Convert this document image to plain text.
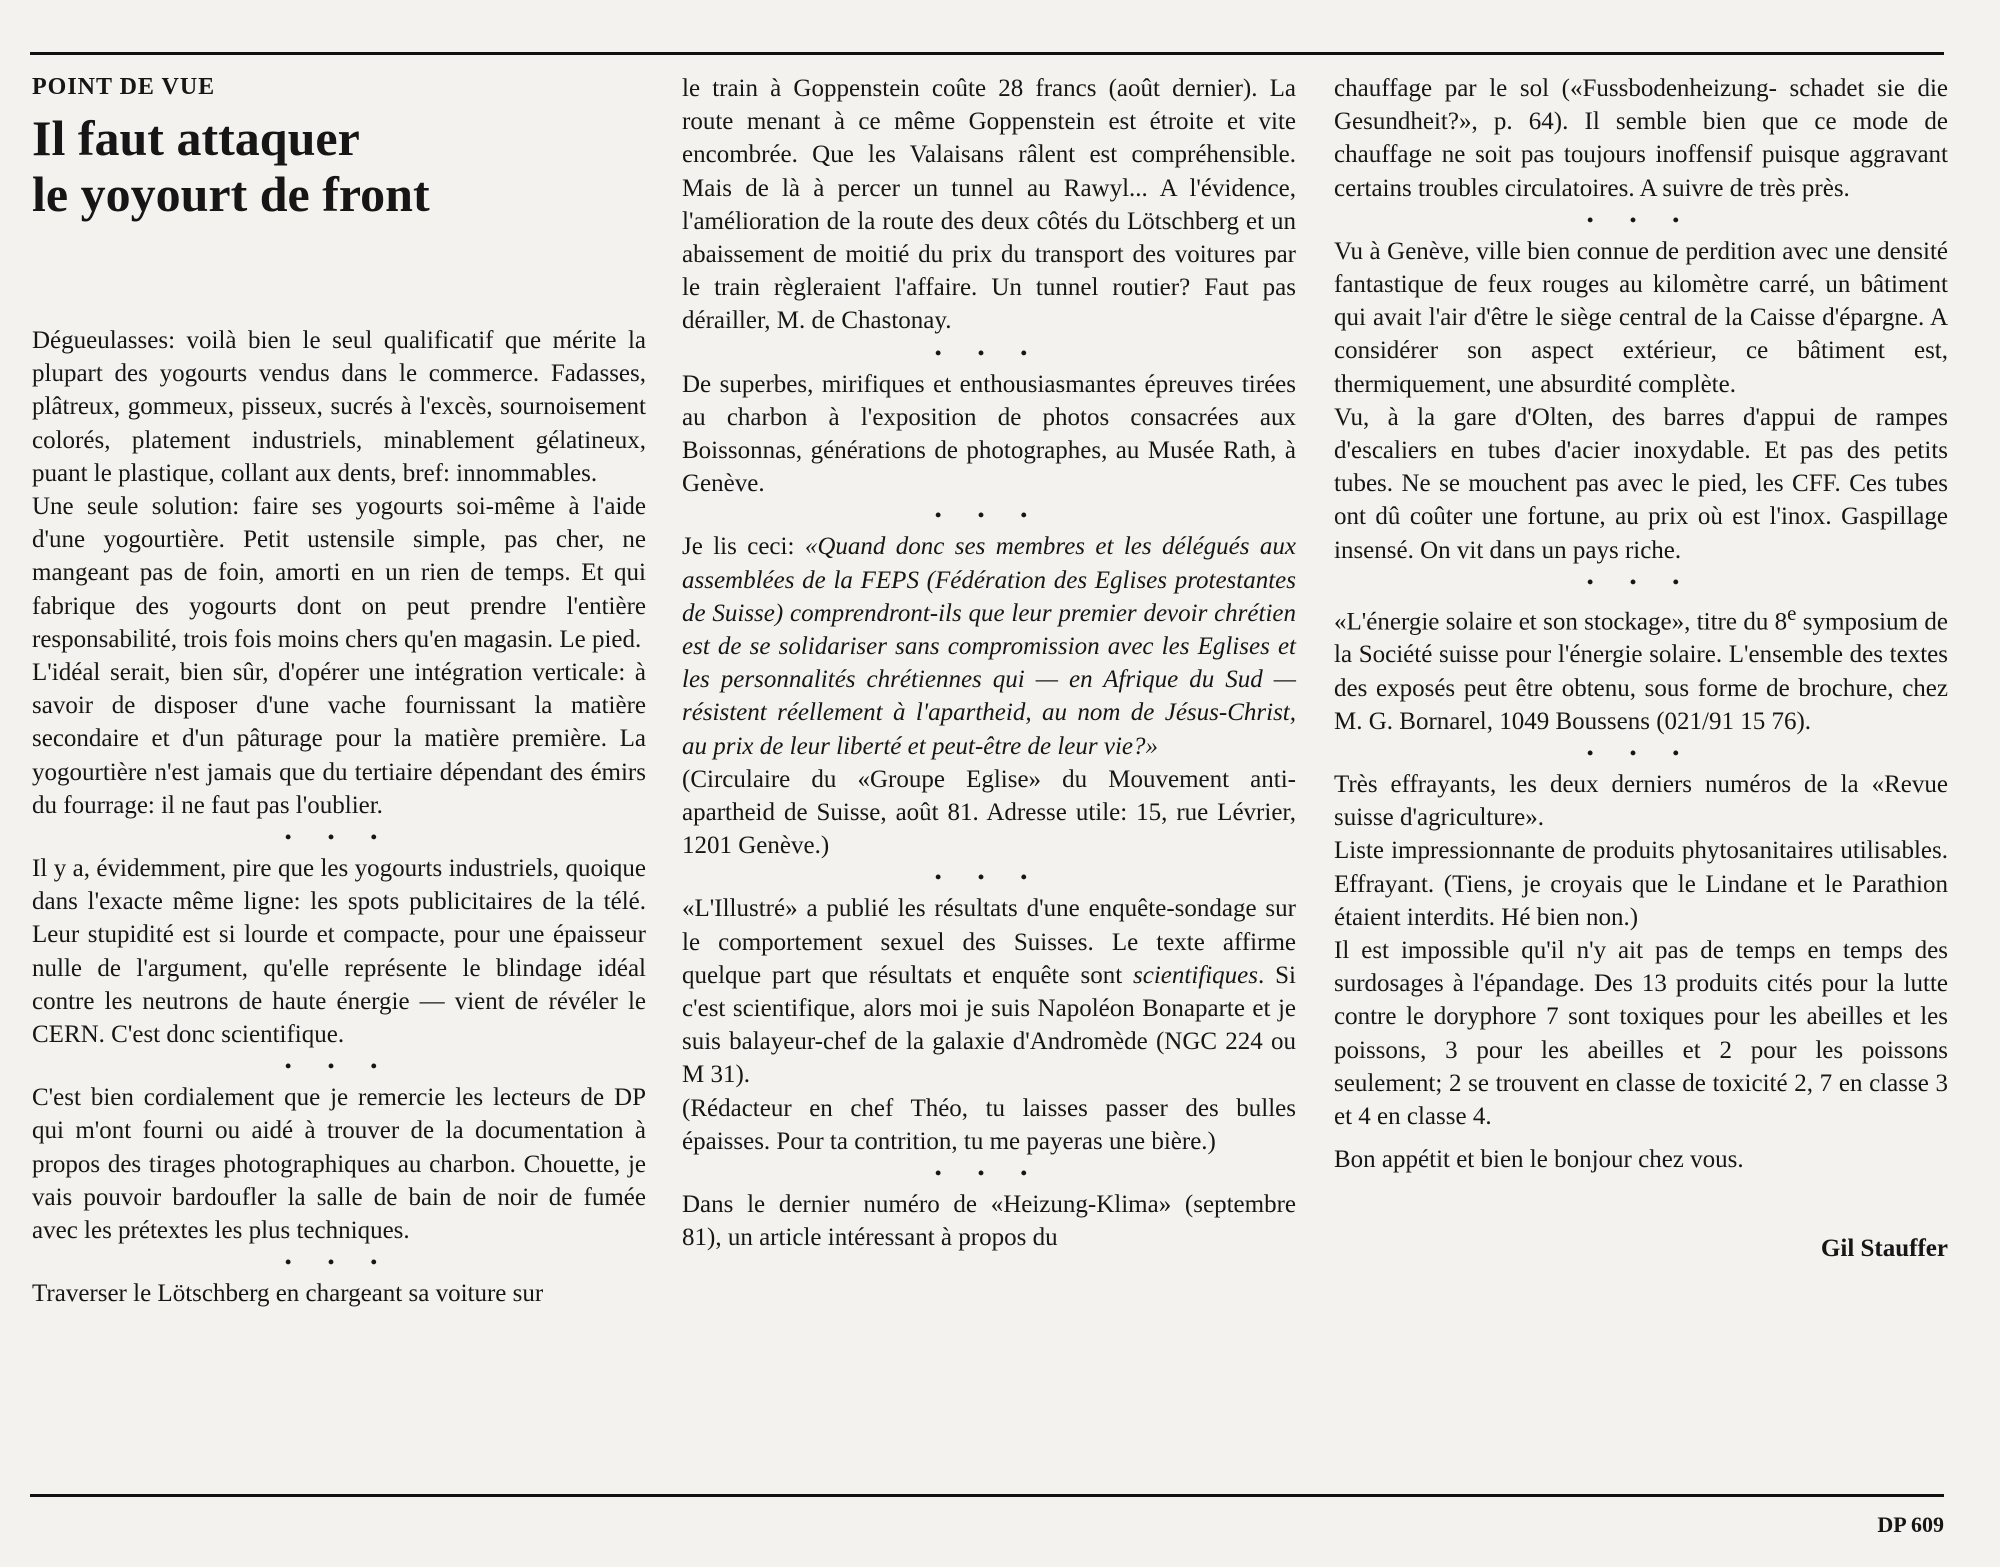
POINT DE VUE

Il faut attaquer
le yoyourt de front

Dégueulasses: voilà bien le seul qualificatif que mérite la plupart des yogourts vendus dans le commerce. Fadasses, plâtreux, gommeux, pisseux, sucrés à l'excès, sournoisement colorés, platement industriels, minablement gélatineux, puant le plastique, collant aux dents, bref: innommables.

Une seule solution: faire ses yogourts soi-même à l'aide d'une yogourtière. Petit ustensile simple, pas cher, ne mangeant pas de foin, amorti en un rien de temps. Et qui fabrique des yogourts dont on peut prendre l'entière responsabilité, trois fois moins chers qu'en magasin. Le pied.

L'idéal serait, bien sûr, d'opérer une intégration verticale: à savoir de disposer d'une vache fournissant la matière secondaire et d'un pâturage pour la matière première. La yogourtière n'est jamais que du tertiaire dépendant des émirs du fourrage: il ne faut pas l'oublier.

• • •

Il y a, évidemment, pire que les yogourts industriels, quoique dans l'exacte même ligne: les spots publicitaires de la télé. Leur stupidité est si lourde et compacte, pour une épaisseur nulle de l'argument, qu'elle représente le blindage idéal contre les neutrons de haute énergie — vient de révéler le CERN. C'est donc scientifique.

• • •

C'est bien cordialement que je remercie les lecteurs de DP qui m'ont fourni ou aidé à trouver de la documentation à propos des tirages photographiques au charbon. Chouette, je vais pouvoir bardoufler la salle de bain de noir de fumée avec les prétextes les plus techniques.

• • •

Traverser le Lötschberg en chargeant sa voiture sur

le train à Goppenstein coûte 28 francs (août dernier). La route menant à ce même Goppenstein est étroite et vite encombrée. Que les Valaisans râlent est compréhensible. Mais de là à percer un tunnel au Rawyl... A l'évidence, l'amélioration de la route des deux côtés du Lötschberg et un abaissement de moitié du prix du transport des voitures par le train règleraient l'affaire. Un tunnel routier? Faut pas dérailler, M. de Chastonay.

• • •

De superbes, mirifiques et enthousiasmantes épreuves tirées au charbon à l'exposition de photos consacrées aux Boissonnas, générations de photographes, au Musée Rath, à Genève.

• • •

Je lis ceci: «Quand donc ses membres et les délégués aux assemblées de la FEPS (Fédération des Eglises protestantes de Suisse) comprendront-ils que leur premier devoir chrétien est de se solidariser sans compromission avec les Eglises et les personnalités chrétiennes qui — en Afrique du Sud — résistent réellement à l'apartheid, au nom de Jésus-Christ, au prix de leur liberté et peut-être de leur vie?»

(Circulaire du «Groupe Eglise» du Mouvement anti-apartheid de Suisse, août 81. Adresse utile: 15, rue Lévrier, 1201 Genève.)

• • •

«L'Illustré» a publié les résultats d'une enquête-sondage sur le comportement sexuel des Suisses. Le texte affirme quelque part que résultats et enquête sont scientifiques. Si c'est scientifique, alors moi je suis Napoléon Bonaparte et je suis balayeur-chef de la galaxie d'Andromède (NGC 224 ou M 31).

(Rédacteur en chef Théo, tu laisses passer des bulles épaisses. Pour ta contrition, tu me payeras une bière.)

• • •

Dans le dernier numéro de «Heizung-Klima» (septembre 81), un article intéressant à propos du

chauffage par le sol («Fussbodenheizung- schadet sie die Gesundheit?», p. 64). Il semble bien que ce mode de chauffage ne soit pas toujours inoffensif puisque aggravant certains troubles circulatoires. A suivre de très près.

• • •

Vu à Genève, ville bien connue de perdition avec une densité fantastique de feux rouges au kilomètre carré, un bâtiment qui avait l'air d'être le siège central de la Caisse d'épargne. A considérer son aspect extérieur, ce bâtiment est, thermiquement, une absurdité complète.

Vu, à la gare d'Olten, des barres d'appui de rampes d'escaliers en tubes d'acier inoxydable. Et pas des petits tubes. Ne se mouchent pas avec le pied, les CFF. Ces tubes ont dû coûter une fortune, au prix où est l'inox. Gaspillage insensé. On vit dans un pays riche.

• • •

«L'énergie solaire et son stockage», titre du 8e symposium de la Société suisse pour l'énergie solaire. L'ensemble des textes des exposés peut être obtenu, sous forme de brochure, chez M. G. Bornarel, 1049 Boussens (021/91 15 76).

• • •

Très effrayants, les deux derniers numéros de la «Revue suisse d'agriculture».

Liste impressionnante de produits phytosanitaires utilisables. Effrayant. (Tiens, je croyais que le Lindane et le Parathion étaient interdits. Hé bien non.)

Il est impossible qu'il n'y ait pas de temps en temps des surdosages à l'épandage. Des 13 produits cités pour la lutte contre le doryphore 7 sont toxiques pour les abeilles et les poissons, 3 pour les abeilles et 2 pour les poissons seulement; 2 se trouvent en classe de toxicité 2, 7 en classe 3 et 4 en classe 4.

Bon appétit et bien le bonjour chez vous.

Gil Stauffer

DP 609
